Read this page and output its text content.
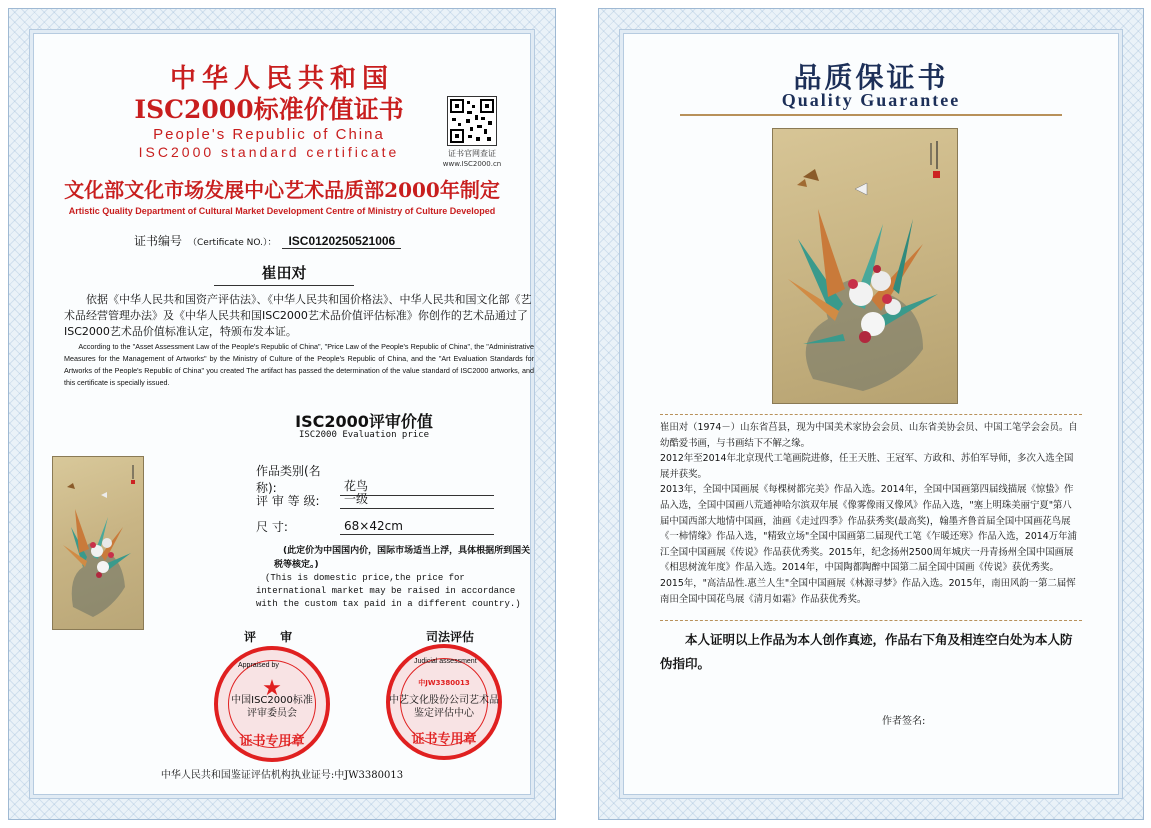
中华人民共和国
ISC2000标准价值证书
People's Republic of China
ISC2000 standard certificate	证书官网查证
www.ISC2000.cn
文化部文化市场发展中心艺术品质部2000年制定
Artistic Quality Department of Cultural Market Development Centre of Ministry of Culture Developed
证书编号 （Certificate NO.）：	ISC0120250521006
崔田对
依据《中华人民共和国资产评估法》、《中华人民共和国价格法》、中华人民共和国文化部《艺术品经营管理办法》及《中华人民共和国ISC2000艺术品价值评估标准》你创作的艺术品通过了ISC2000艺术品价值标准认定，特颁布发本证。
According to the "Asset Assessment Law of the People's Republic of China", "Price Law of the People's Republic of China", the "Administrative Measures for the Management of Artworks" by the Ministry of Culture of the People's Republic of China, and the "Art Evaluation Standards for Artworks of the People's Republic of China" you created The artifact has passed the determination of the value standard of ISC2000 artworks, and this certificate is specially issued.
ISC2000评审价值
ISC2000 Evaluation price
作品类别(名称):	花鸟
评 审 等 级:	一级
尺 寸:	68×42cm
(此定价为中国国内价，国际市场适当上浮，具体根据所到国关税等核定。)
(This is domestic price,the price for international market may be raised in accordance with the custom tax paid in a different country.)
评 审	司法评估
★
证书专用章
Appraised by
中国ISC2000标准
评审委员会
中JW3380013
证书专用章
Judicial assessment
中艺文化股份公司艺术品
鉴定评估中心
中华人民共和国鉴证评估机构执业证号:中JW3380013
品质保证书
Quality Guarantee

崔田对（1974－）山东省莒县，现为中国美术家协会会员、山东省美协会员、中国工笔学会会员。自幼酷爱书画，与书画结下不解之缘。

2012年至2014年北京现代工笔画院进修，任王天胜、王冠军、方政和、苏伯军导师，多次入选全国展并获奖。

2013年，全国中国画展《每棵树都完美》作品入选。2014年，全国中国画第四届线描展《惊蛰》作品入选，全国中国画八荒通神哈尔滨双年展《像雾像雨又像风》作品入选，"塞上明珠美丽宁夏"第八届中国西部大地情中国画，油画《走过四季》作品获秀奖(最高奖)，翰墨齐鲁首届全国中国画花鸟展《一柿情缘》作品入选，"精致立场"全国中国画第二届现代工笔《乍暖还寒》作品入选，2014万年浦江全国中国画展《传说》作品获优秀奖。2015年，纪念扬州2500周年城庆一丹青扬州全国中国画展《相思树流年度》作品入选。2014年，中国陶都陶醉中国第二届全国中国画《传说》获优秀奖。2015年，"高洁品性.惠兰人生"全国中国画展《林源寻梦》作品入选。2015年，南田风韵一第二届恽南田全国中国花鸟展《清月如霜》作品获优秀奖。

本人证明以上作品为本人创作真迹，作品右下角及相连空白处为本人防伪指印。
作者签名:
